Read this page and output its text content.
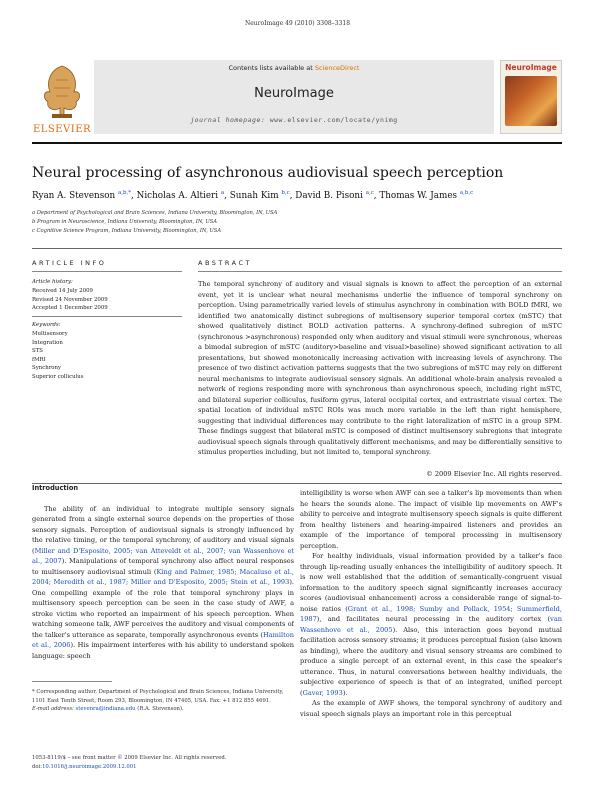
NeuroImage 49 (2010) 3308–3318
ELSEVIER
Contents lists available at ScienceDirect
NeuroImage
journal homepage: www.elsevier.com/locate/ynimg
NeuroImage
Neural processing of asynchronous audiovisual speech perception
Ryan A. Stevenson $^{a,b,*}$, Nicholas A. Altieri $^a$, Sunah Kim $^{b,c}$, David B. Pisoni $^{a,c}$, Thomas W. James $^{a,b,c}$
a Department of Psychological and Brain Sciences, Indiana University, Bloomington, IN, USA
b Program in Neuroscience, Indiana University, Bloomington, IN, USA
c Cognitive Science Program, Indiana University, Bloomington, IN, USA
ARTICLE INFO
Article history:
Received 14 July 2009
Revised 24 November 2009
Accepted 1 December 2009
Keywords:
Multisensory
Integration
STS
fMRI
Synchrony
Superior colliculus
ABSTRACT
The temporal synchrony of auditory and visual signals is known to affect the perception of an external event, yet it is unclear what neural mechanisms underlie the influence of temporal synchrony on perception. Using parametrically varied levels of stimulus asynchrony in combination with BOLD fMRI, we identified two anatomically distinct subregions of multisensory superior temporal cortex (mSTC) that showed qualitatively distinct BOLD activation patterns. A synchrony-defined subregion of mSTC (synchronous >asynchronous) responded only when auditory and visual stimuli were synchronous, whereas a bimodal subregion of mSTC (auditory>baseline and visual>baseline) showed significant activation to all presentations, but showed monotonically increasing activation with increasing levels of asynchrony. The presence of two distinct activation patterns suggests that the two subregions of mSTC may rely on different neural mechanisms to integrate audiovisual sensory signals. An additional whole-brain analysis revealed a network of regions responding more with synchronous than asynchronous speech, including right mSTC, and bilateral superior colliculus, fusiform gyrus, lateral occipital cortex, and extrastriate visual cortex. The spatial location of individual mSTC ROIs was much more variable in the left than right hemisphere, suggesting that individual differences may contribute to the right lateralization of mSTC in a group SPM. These findings suggest that bilateral mSTC is composed of distinct multisensory subregions that integrate audiovisual speech signals through qualitatively different mechanisms, and may be differentially sensitive to stimulus properties including, but not limited to, temporal synchrony.
© 2009 Elsevier Inc. All rights reserved.
Introduction

The ability of an individual to integrate multiple sensory signals generated from a single external source depends on the properties of those sensory signals. Perception of audiovisual signals is strongly influenced by the relative timing, or the temporal synchrony, of auditory and visual signals (Miller and D'Esposito, 2005; van Atteveldt et al., 2007; van Wassenhove et al., 2007). Manipulations of temporal synchrony also affect neural responses to multisensory audiovisual stimuli (King and Palmer, 1985; Macaluso et al., 2004; Meredith et al., 1987; Miller and D'Esposito, 2005; Stein et al., 1993). One compelling example of the role that temporal synchrony plays in multisensory speech perception can be seen in the case study of AWF, a stroke victim who reported an impairment of his speech perception. When watching someone talk, AWF perceives the auditory and visual components of the talker's utterance as separate, temporally asynchronous events (Hamilton et al., 2006). His impairment interferes with his ability to understand spoken language: speech

intelligibility is worse when AWF can see a talker's lip movements than when he hears the sounds alone. The impact of visible lip movements on AWF's ability to perceive and integrate multisensory speech signals is quite different from healthy listeners and hearing-impaired listeners and provides an example of the importance of temporal processing in multisensory perception.

For healthy individuals, visual information provided by a talker's face through lip-reading usually enhances the intelligibility of auditory speech. It is now well established that the addition of semantically-congruent visual information to the auditory speech signal significantly increases accuracy scores (audiovisual enhancement) across a considerable range of signal-to-noise ratios (Grant et al., 1998; Sumby and Pollack, 1954; Summerfield, 1987), and facilitates neural processing in the auditory cortex (van Wassenhove et al., 2005). Also, this interaction goes beyond mutual facilitation across sensory streams; it produces perceptual fusion (also known as binding), where the auditory and visual sensory streams are combined to produce a single percept of an external event, in this case the speaker's utterance. Thus, in natural conversations between healthy individuals, the subjective experience of speech is that of an integrated, unified percept (Gaver, 1993).

As the example of AWF shows, the temporal synchrony of auditory and visual speech signals plays an important role in this perceptual

* Corresponding author. Department of Psychological and Brain Sciences, Indiana University, 1101 East Tenth Street, Room 293, Bloomington, IN 47405, USA. Fax: +1 812 855 4691.
E-mail address: stevenra@indiana.edu (R.A. Stevenson).
1053-8119/$ – see front matter © 2009 Elsevier Inc. All rights reserved.
doi:10.1016/j.neuroimage.2009.12.001
